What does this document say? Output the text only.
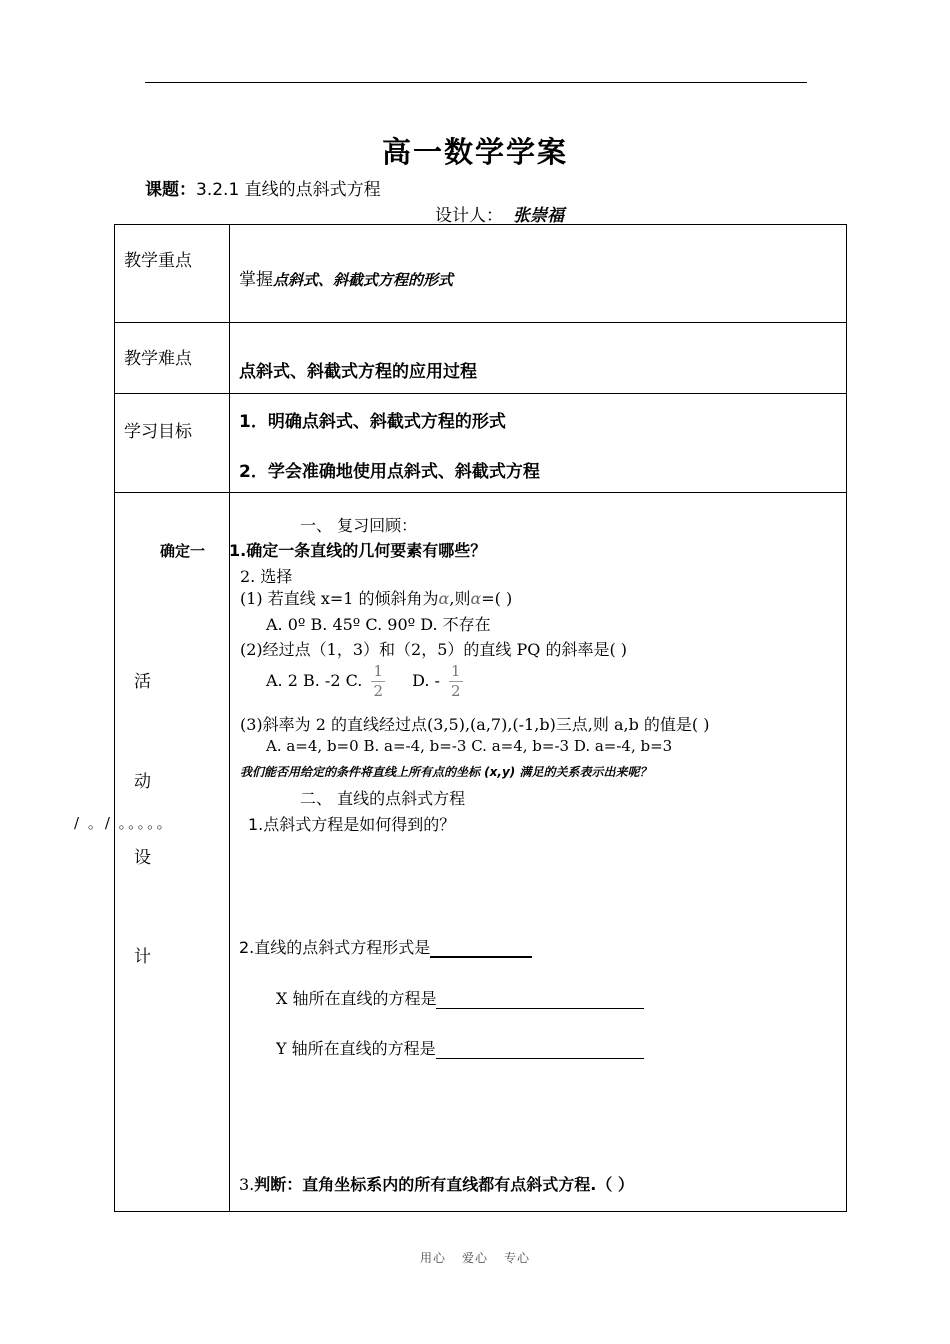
高一数学学案
课题：3.2.1 直线的点斜式方程
设计人： 张崇福
教学重点
掌握点斜式、斜截式方程的形式
教学难点
点斜式、斜截式方程的应用过程
学习目标	1．明确点斜式、斜截式方程的形式
2．学会准确地使用点斜式、斜截式方程
活
动
设
计
确定一
/ 。/ 。。。。。
一、 复习回顾：
1.确定一条直线的几何要素有哪些？
2. 选择
(1) 若直线 x=1 的倾斜角为α,则α=( )
A. 0º B. 45º C. 90º D. 不存在
(2)经过点（1，3）和（2，5）的直线 PQ 的斜率是( )
A. 2 B. -2 C. $\frac{1}{2} D$. - $\frac{1}{2}$
(3)斜率为 2 的直线经过点(3,5),(a,7),(-1,b)三点,则 a,b 的值是( )
A. a=4, b=0 B. a=-4, b=-3 C. a=4, b=-3 D. a=-4, b=3
我们能否用给定的条件将直线上所有点的坐标 (x,y) 满足的关系表示出来呢？
二、 直线的点斜式方程
1.点斜式方程是如何得到的？
2.直线的点斜式方程形式是
X 轴所在直线的方程是
Y 轴所在直线的方程是
3.判断：直角坐标系内的所有直线都有点斜式方程.（ ）
用心 爱心 专心
